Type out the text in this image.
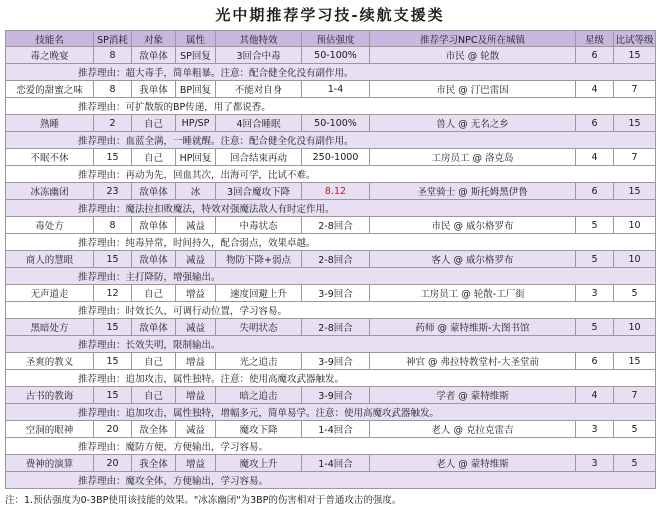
光中期推荐学习技-续航支援类
技能名	SP消耗	对象	属性	其他特效	预估强度	推荐学习NPC及所在城镇	星级	比试等级
毒之晚宴	8	敌单体	SP回复	3回合中毒	50-100%	市民 @ 轮散	6	15
推荐理由：超大毒手，简单粗暴。注意：配合健全化没有副作用。								
恋爱的甜蜜之味	8	我单体	BP回复	不能对自身	1-4	市民 @ 汀巴雷因	4	7
推荐理由：可扩散版的BP传递，用了都说香。								
熟睡	2	自己	HP/SP	4回合睡眠	50-100%	兽人 @ 无名之乡	6	15
推荐理由：血蓝全满，一睡就醒。注意：配合健全化没有副作用。								
不眠不休	15	自己	HP回复	回合结束再动	250-1000	工房员工 @ 洛克岛	4	7
推荐理由：再动为先，回血其次，出海可学，比试不难。								
冰冻幽闭	23	敌单体	冰	3回合魔攻下降	8.12	圣堂骑士 @ 斯托姆黑伊鲁	6	15
推荐理由：魔法拉扣败魔法，特效对强魔法敌人有时定作用。								
毒处方	8	敌单体	减益	中毒状态	2-8回合	市民 @ 威尔格罗布	5	10
推荐理由：纯毒异常，时间持久，配合弱点，效果卓越。								
商人的慧眼	15	敌单体	减益	物防下降+弱点	2-8回合	客人 @ 威尔格罗布	5	10
推荐理由：主打降防，增强输出。								
无声道走	12	自己	增益	速度回避上升	3-9回合	工房员工 @ 轮散-工厂街	3	5
推荐理由：时效长久，可调行动位置，学习容易。								
黑暗处方	15	敌单体	减益	失明状态	2-8回合	药师 @ 蒙特维斯-大图书馆	5	10
推荐理由：长效失明，限制输出。								
圣爽的教义	15	自己	增益	光之追击	3-9回合	神官 @ 弗拉特教堂村-大圣堂前	6	15
推荐理由：追加攻击，属性独特。注意：使用高魔攻武器触发。								
古书的教诲	15	自己	增益	暗之追击	3-9回合	学者 @ 蒙特维斯	4	7
推荐理由：追加攻击，属性独特，增幅多元，简单易学。注意：使用高魔攻武器触发。								
空洞的眼神	20	敌全体	减益	魔攻下降	1-4回合	老人 @ 克拉克雷吉	3	5
推荐理由：魔防方便，方便输出，学习容易。								
费神的演算	20	我全体	增益	魔攻上升	1-4回合	老人 @ 蒙特维斯	3	5
推荐理由：魔攻全体，方便输出，学习容易。								
注：1.预估强度为0-3BP使用该技能的效果。"冰冻幽闭"为3BP的伤害相对于普通攻击的强度。
